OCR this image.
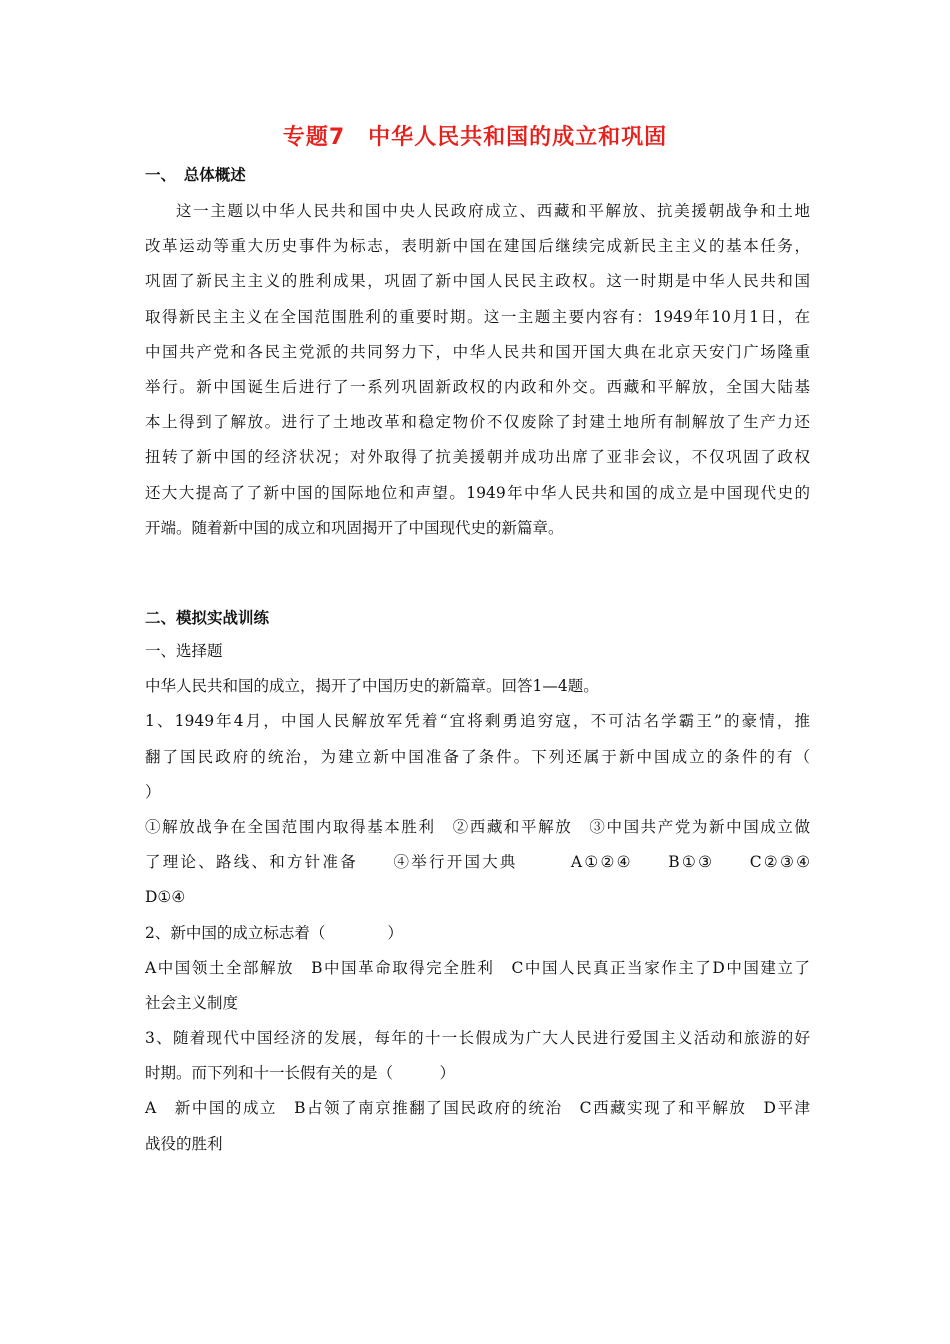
专题7　中华人民共和国的成立和巩固
一、　总体概述
这一主题以中华人民共和国中央人民政府成立、西藏和平解放、抗美援朝战争和土地
改革运动等重大历史事件为标志，表明新中国在建国后继续完成新民主主义的基本任务，
巩固了新民主主义的胜利成果，巩固了新中国人民民主政权。这一时期是中华人民共和国
取得新民主主义在全国范围胜利的重要时期。这一主题主要内容有：1949年10月1日，在
中国共产党和各民主党派的共同努力下，中华人民共和国开国大典在北京天安门广场隆重
举行。新中国诞生后进行了一系列巩固新政权的内政和外交。西藏和平解放，全国大陆基
本上得到了解放。进行了土地改革和稳定物价不仅废除了封建土地所有制解放了生产力还
扭转了新中国的经济状况；对外取得了抗美援朝并成功出席了亚非会议，不仅巩固了政权
还大大提高了了新中国的国际地位和声望。1949年中华人民共和国的成立是中国现代史的
开端。随着新中国的成立和巩固揭开了中国现代史的新篇章。
二、模拟实战训练
一、选择题
中华人民共和国的成立，揭开了中国历史的新篇章。回答1—4题。
1、1949年4月，中国人民解放军凭着“宜将剩勇追穷寇，不可沽名学霸王”的豪情，推
翻了国民政府的统治，为建立新中国准备了条件。下列还属于新中国成立的条件的有（
）
①解放战争在全国范围内取得基本胜利　②西藏和平解放　③中国共产党为新中国成立做
了理论、路线、和方针准备　　④举行开国大典　　　A①②④　　B①③　　C②③④
D①④
2、新中国的成立标志着（　　　　）
A中国领土全部解放　B中国革命取得完全胜利　C中国人民真正当家作主了D中国建立了
社会主义制度
3、随着现代中国经济的发展，每年的十一长假成为广大人民进行爱国主义活动和旅游的好
时期。而下列和十一长假有关的是（　　　）
A　新中国的成立　B占领了南京推翻了国民政府的统治　C西藏实现了和平解放　D平津
战役的胜利
